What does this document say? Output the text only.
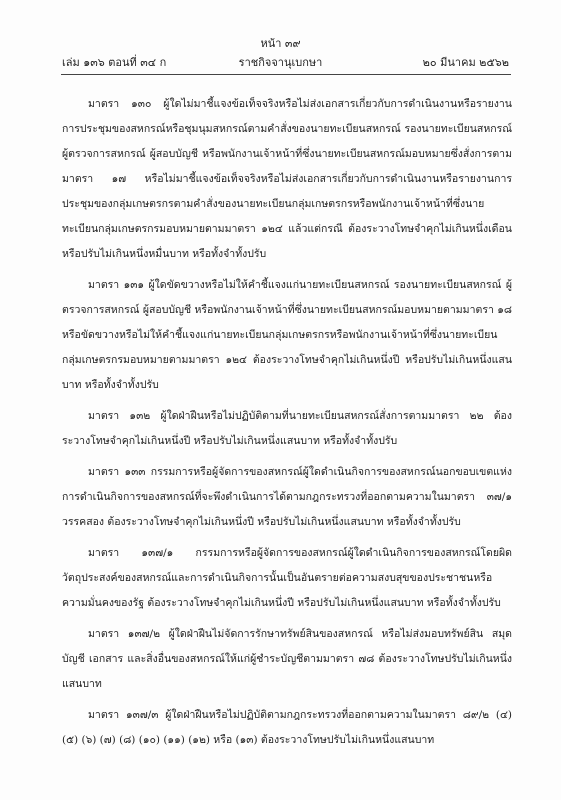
หน้า ๓๙
เล่ม ๑๓๖ ตอนที่ ๓๔ ก	ราชกิจจานุเบกษา	๒๐ มีนาคม ๒๕๖๒

มาตรา ๑๓๐ ผู้ใดไม่มาชี้แจงข้อเท็จจริงหรือไม่ส่งเอกสารเกี่ยวกับการดำเนินงานหรือรายงานการประชุมของสหกรณ์หรือชุมนุมสหกรณ์ตามคำสั่งของนายทะเบียนสหกรณ์ รองนายทะเบียนสหกรณ์ ผู้ตรวจการสหกรณ์ ผู้สอบบัญชี หรือพนักงานเจ้าหน้าที่ซึ่งนายทะเบียนสหกรณ์มอบหมายซึ่งสั่งการตามมาตรา ๑๗ หรือไม่มาชี้แจงข้อเท็จจริงหรือไม่ส่งเอกสารเกี่ยวกับการดำเนินงานหรือรายงานการประชุมของกลุ่มเกษตรกรตามคำสั่งของนายทะเบียนกลุ่มเกษตรกรหรือพนักงานเจ้าหน้าที่ซึ่งนายทะเบียนกลุ่มเกษตรกรมอบหมายตามมาตรา ๑๒๔ แล้วแต่กรณี ต้องระวางโทษจำคุกไม่เกินหนึ่งเดือน หรือปรับไม่เกินหนึ่งหมื่นบาท หรือทั้งจำทั้งปรับ

มาตรา ๑๓๑ ผู้ใดขัดขวางหรือไม่ให้คำชี้แจงแก่นายทะเบียนสหกรณ์ รองนายทะเบียนสหกรณ์ ผู้ตรวจการสหกรณ์ ผู้สอบบัญชี หรือพนักงานเจ้าหน้าที่ซึ่งนายทะเบียนสหกรณ์มอบหมายตามมาตรา ๑๘ หรือขัดขวางหรือไม่ให้คำชี้แจงแก่นายทะเบียนกลุ่มเกษตรกรหรือพนักงานเจ้าหน้าที่ซึ่งนายทะเบียนกลุ่มเกษตรกรมอบหมายตามมาตรา ๑๒๔ ต้องระวางโทษจำคุกไม่เกินหนึ่งปี หรือปรับไม่เกินหนึ่งแสนบาท หรือทั้งจำทั้งปรับ

มาตรา ๑๓๒ ผู้ใดฝ่าฝืนหรือไม่ปฏิบัติตามที่นายทะเบียนสหกรณ์สั่งการตามมาตรา ๒๒ ต้องระวางโทษจำคุกไม่เกินหนึ่งปี หรือปรับไม่เกินหนึ่งแสนบาท หรือทั้งจำทั้งปรับ

มาตรา ๑๓๓ กรรมการหรือผู้จัดการของสหกรณ์ผู้ใดดำเนินกิจการของสหกรณ์นอกขอบเขตแห่งการดำเนินกิจการของสหกรณ์ที่จะพึงดำเนินการได้ตามกฎกระทรวงที่ออกตามความในมาตรา ๓๗/๑ วรรคสอง ต้องระวางโทษจำคุกไม่เกินหนึ่งปี หรือปรับไม่เกินหนึ่งแสนบาท หรือทั้งจำทั้งปรับ

มาตรา ๑๓๗/๑ กรรมการหรือผู้จัดการของสหกรณ์ผู้ใดดำเนินกิจการของสหกรณ์โดยผิดวัตถุประสงค์ของสหกรณ์และการดำเนินกิจการนั้นเป็นอันตรายต่อความสงบสุขของประชาชนหรือความมั่นคงของรัฐ ต้องระวางโทษจำคุกไม่เกินหนึ่งปี หรือปรับไม่เกินหนึ่งแสนบาท หรือทั้งจำทั้งปรับ

มาตรา ๑๓๗/๒ ผู้ใดฝ่าฝืนไม่จัดการรักษาทรัพย์สินของสหกรณ์ หรือไม่ส่งมอบทรัพย์สิน สมุดบัญชี เอกสาร และสิ่งอื่นของสหกรณ์ให้แก่ผู้ชำระบัญชีตามมาตรา ๗๘ ต้องระวางโทษปรับไม่เกินหนึ่งแสนบาท

มาตรา ๑๓๗/๓ ผู้ใดฝ่าฝืนหรือไม่ปฏิบัติตามกฎกระทรวงที่ออกตามความในมาตรา ๘๙/๒ (๔) (๕) (๖) (๗) (๘) (๑๐) (๑๑) (๑๒) หรือ (๑๓) ต้องระวางโทษปรับไม่เกินหนึ่งแสนบาท
